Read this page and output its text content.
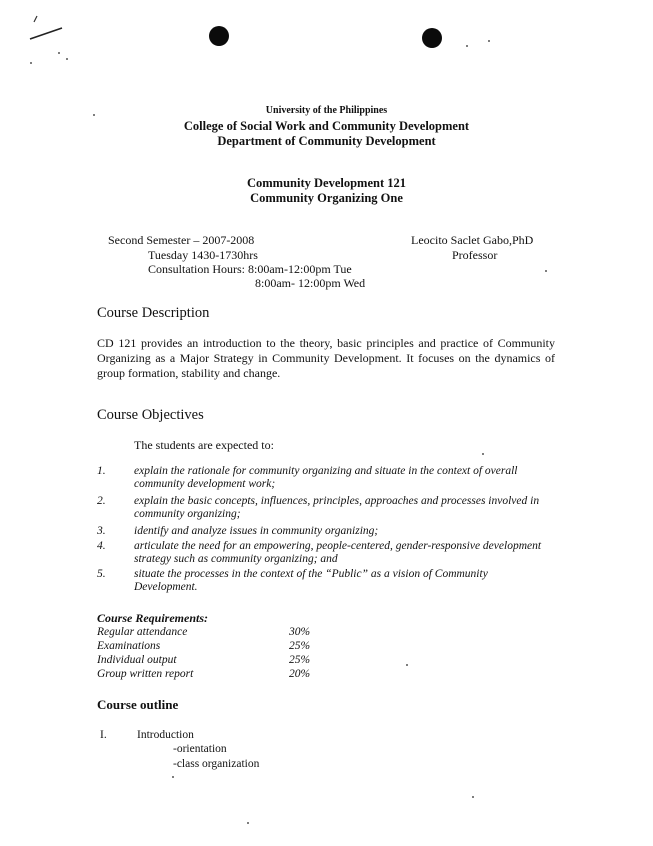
University of the Philippines
College of Social Work and Community Development
Department of Community Development
Community Development 121
Community Organizing One
Second Semester – 2007-2008
Tuesday 1430-1730hrs
Consultation Hours: 8:00am-12:00pm Tue
8:00am- 12:00pm Wed
Leocito Saclet Gabo,PhD
Professor
Course Description
CD 121 provides an introduction to the theory, basic principles and practice of Community Organizing as a Major Strategy in Community Development. It focuses on the dynamics of group formation, stability and change.
Course Objectives
The students are expected to:
1.	explain the rationale for community organizing and situate in the context of overall community development work;
2.	explain the basic concepts, influences, principles, approaches and processes involved in community organizing;
3.	identify and analyze issues in community organizing;
4.	articulate the need for an empowering, people-centered, gender-responsive development strategy such as community organizing; and
5.	situate the processes in the context of the “Public” as a vision of Community Development.
Course Requirements:
Regular attendance	30%
Examinations	25%
Individual output	25%
Group written report	20%
Course outline
I.	Introduction
-orientation
-class organization
